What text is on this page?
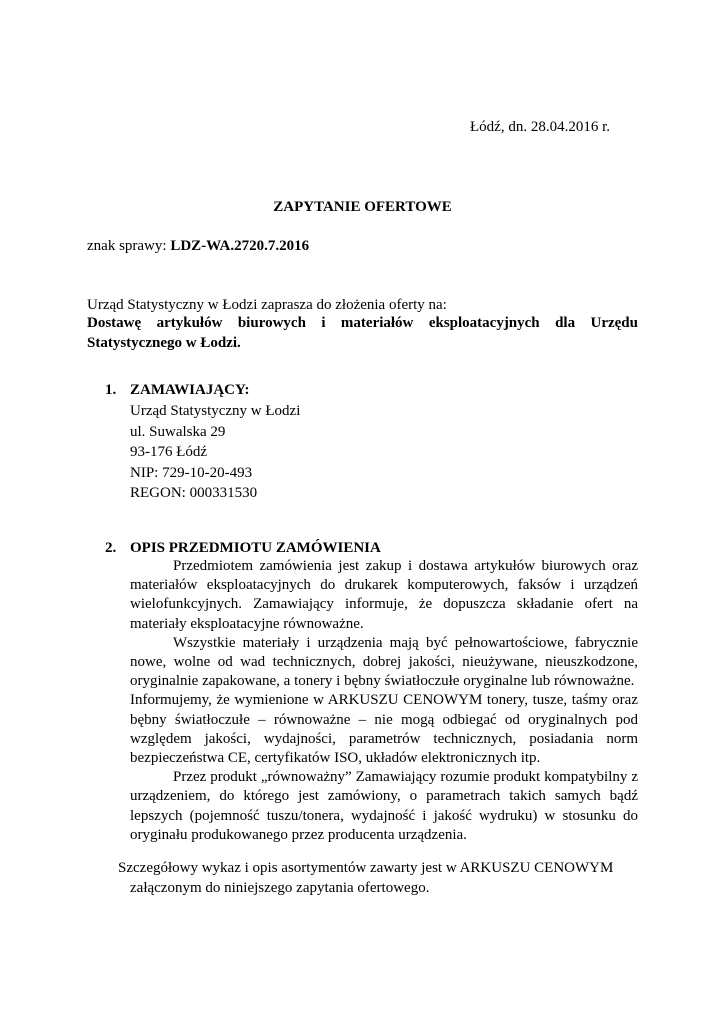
Łódź, dn. 28.04.2016 r.
ZAPYTANIE OFERTOWE
znak sprawy: LDZ-WA.2720.7.2016
Urząd Statystyczny w Łodzi zaprasza do złożenia oferty na:
Dostawę artykułów biurowych i materiałów eksploatacyjnych dla Urzędu Statystycznego w Łodzi.
1. ZAMAWIAJĄCY:
Urząd Statystyczny w Łodzi
ul. Suwalska 29
93-176 Łódź
NIP: 729-10-20-493
REGON: 000331530
2. OPIS PRZEDMIOTU ZAMÓWIENIA

Przedmiotem zamówienia jest zakup i dostawa artykułów biurowych oraz materiałów eksploatacyjnych do drukarek komputerowych, faksów i urządzeń wielofunkcyjnych. Zamawiający informuje, że dopuszcza składanie ofert na materiały eksploatacyjne równoważne.

Wszystkie materiały i urządzenia mają być pełnowartościowe, fabrycznie nowe, wolne od wad technicznych, dobrej jakości, nieużywane, nieuszkodzone, oryginalnie zapakowane, a tonery i bębny światłoczułe oryginalne lub równoważne.

Informujemy, że wymienione w ARKUSZU CENOWYM tonery, tusze, taśmy oraz bębny światłoczułe – równoważne – nie mogą odbiegać od oryginalnych pod względem jakości, wydajności, parametrów technicznych, posiadania norm bezpieczeństwa CE, certyfikatów ISO, układów elektronicznych itp.

Przez produkt „równoważny” Zamawiający rozumie produkt kompatybilny z urządzeniem, do którego jest zamówiony, o parametrach takich samych bądź lepszych (pojemność tuszu/tonera, wydajność i jakość wydruku) w stosunku do oryginału produkowanego przez producenta urządzenia.

Szczegółowy wykaz i opis asortymentów zawarty jest w ARKUSZU CENOWYM

załączonym do niniejszego zapytania ofertowego.
